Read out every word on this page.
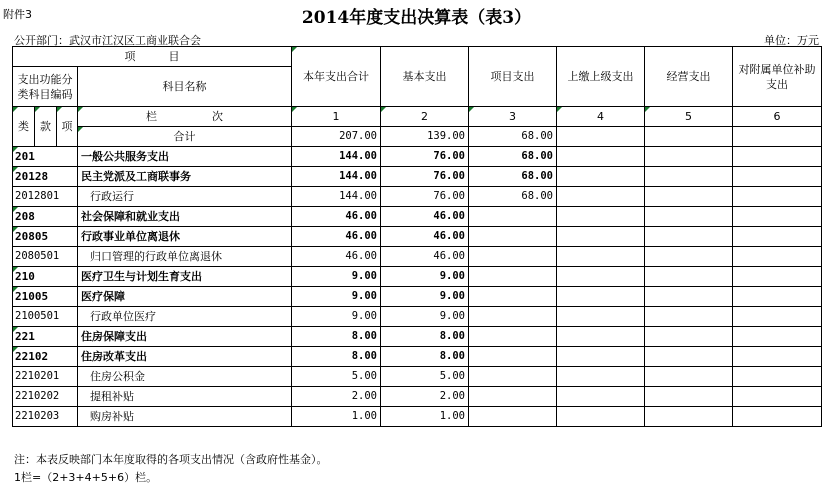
附件3	2014年度支出决算表（表3）
公开部门：武汉市江汉区工商业联合会	单位：万元
项　　　目				本年支出合计	基本支出	项目支出	上缴上级支出	经营支出	对附属单位补助支出
支出功能分类科目编码			科目名称						

类	款	项	栏　　　　　次	1	2	3	4	5	6
			合计	207.00	139.00	68.00			
201			一般公共服务支出	144.00	76.00	68.00			
20128			民主党派及工商联事务	144.00	76.00	68.00			
2012801			行政运行	144.00	76.00	68.00			
208			社会保障和就业支出	46.00	46.00				
20805			行政事业单位离退休	46.00	46.00				
2080501			归口管理的行政单位离退休	46.00	46.00				
210			医疗卫生与计划生育支出	9.00	9.00				
21005			医疗保障	9.00	9.00				
2100501			行政单位医疗	9.00	9.00				
221			住房保障支出	8.00	8.00				
22102			住房改革支出	8.00	8.00				
2210201			住房公积金	5.00	5.00				
2210202			提租补贴	2.00	2.00				
2210203			购房补贴	1.00	1.00				
注：本表反映部门本年度取得的各项支出情况（含政府性基金）。
1栏=（2+3+4+5+6）栏。
